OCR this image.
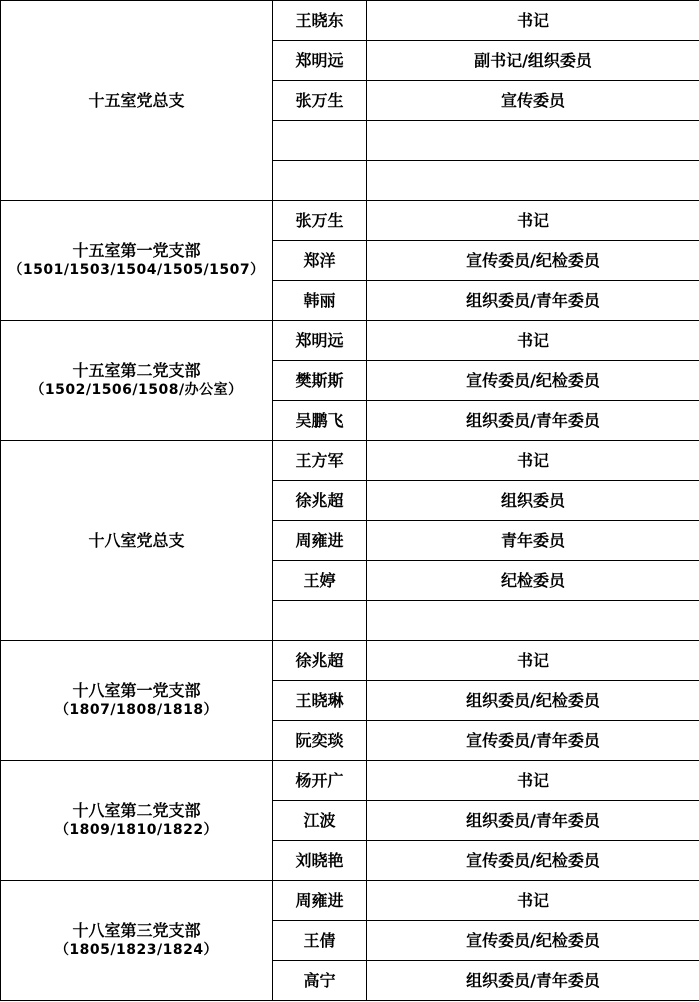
十五室党总支	王晓东	书记
	郑明远	副书记/组织委员
	张万生	宣传委员

十五室第一党支部
（1501/1503/1504/1505/1507）	张万生	书记
	郑洋	宣传委员/纪检委员
	韩丽	组织委员/青年委员

十五室第二党支部
（1502/1506/1508/办公室）	郑明远	书记
	樊斯斯	宣传委员/纪检委员
	吴鹏飞	组织委员/青年委员

十八室党总支	王方军	书记
	徐兆超	组织委员
	周雍进	青年委员
	王婷	纪检委员

十八室第一党支部
（1807/1808/1818）	徐兆超	书记
	王晓琳	组织委员/纪检委员
	阮奕琰	宣传委员/青年委员

十八室第二党支部
（1809/1810/1822）	杨开广	书记
	江波	组织委员/青年委员
	刘晓艳	宣传委员/纪检委员

十八室第三党支部
（1805/1823/1824）	周雍进	书记
	王倩	宣传委员/纪检委员
	高宁	组织委员/青年委员
